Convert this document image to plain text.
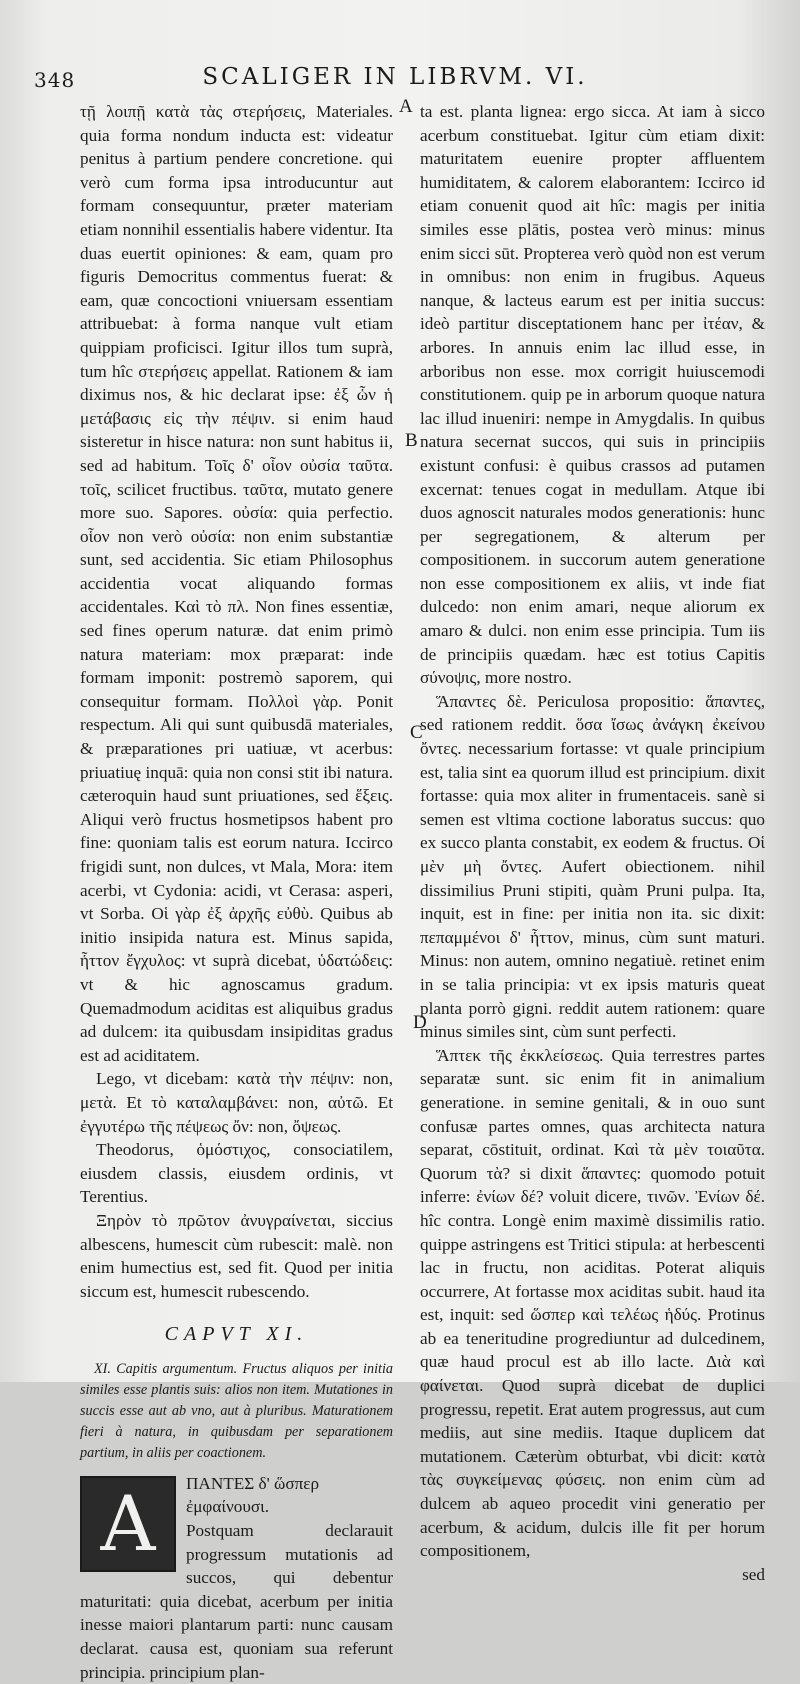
348	SCALIGER IN LIBRVM. VI.
A
B
C
D

τῇ λοιπῇ κατὰ τὰς στερήσεις, Materiales. quia forma nondum inducta est: videatur penitus à partium pendere concretione. qui verò cum forma ipsa introducuntur aut formam consequuntur, præter materiam etiam nonnihil essentialis habere videntur. Ita duas euertit opiniones: & eam, quam pro figuris Democritus commentus fuerat: & eam, quæ concoctioni vniuersam essentiam attribuebat: à forma nanque vult etiam quippiam proficisci. Igitur illos tum suprà, tum hîc στερήσεις appellat. Rationem & iam diximus nos, & hic declarat ipse: ἐξ ὧν ἡ μετάβασις εἰς τὴν πέψιν. si enim haud sisteretur in hisce natura: non sunt habitus ii, sed ad habitum. Τοῖς δ' οἷον οὐσία ταῦτα. τοῖς, scilicet fructibus. ταῦτα, mutato genere more suo. Sapores. οὐσία: quia perfectio. οἷον non verò οὐσία: non enim substantiæ sunt, sed accidentia. Sic etiam Philosophus accidentia vocat aliquando formas accidentales. Καὶ τὸ πλ. Non fines essentiæ, sed fines operum naturæ. dat enim primò natura materiam: mox præparat: inde formam imponit: postremò saporem, qui consequitur formam. Πολλοὶ γὰρ. Ponit respectum. Ali qui sunt quibusdā materiales, & præparationes pri uatiuæ, vt acerbus: priuatiuę inquā: quia non consi stit ibi natura. cæteroquin haud sunt priuationes, sed ἕξεις. Aliqui verò fructus hosmetipsos habent pro fine: quoniam talis est eorum natura. Iccirco frigidi sunt, non dulces, vt Mala, Mora: item acerbi, vt Cydonia: acidi, vt Cerasa: asperi, vt Sorba. Οἱ γὰρ ἐξ ἀρχῆς εὐθὺ. Quibus ab initio insipida natura est. Minus sapida, ἧττον ἔγχυλος: vt suprà dicebat, ὑδατώδεις: vt & hic agnoscamus gradum. Quemadmodum aciditas est aliquibus gradus ad dulcem: ita quibusdam insipiditas gradus est ad aciditatem.

Lego, vt dicebam: κατὰ τὴν πέψιν: non, μετὰ. Et τὸ καταλαμβάνει: non, αὐτῶ. Et ἐγγυτέρω τῆς πέψεως ὄν: non, ὄψεως.

Theodorus, ὁμόστιχος, consociatilem, eiusdem classis, eiusdem ordinis, vt Terentius.

Ξηρὸν τὸ πρῶτον ἀνυγραίνεται, siccius albescens, humescit cùm rubescit: malè. non enim humectius est, sed fit. Quod per initia siccum est, humescit rubescendo.

CAPVT XI.

XI. Capitis argumentum. Fructus aliquos per initia similes esse plantis suis: alios non item. Mutationes in succis esse aut ab vno, aut à pluribus. Maturationem fieri à natura, in quibusdam per separationem partium, in aliis per coactionem.

A	ΠΑΝΤΕΣ δ' ὥσπερ ἐμφαίνουσι.

Postquam declarauit progressum mutationis ad succos, qui debentur maturitati: quia dicebat, acerbum per initia inesse maiori plantarum parti: nunc causam declarat. causa est, quoniam sua referunt principia. principium plan-

ta est. planta lignea: ergo sicca. At iam à sicco acerbum constituebat. Igitur cùm etiam dixit: maturitatem euenire propter affluentem humiditatem, & calorem elaborantem: Iccirco id etiam conuenit quod ait hîc: magis per initia similes esse plātis, postea verò minus: minus enim sicci sūt. Propterea verò quòd non est verum in omnibus: non enim in frugibus. Aqueus nanque, & lacteus earum est per initia succus: ideò partitur disceptationem hanc per ἰτέαν, & arbores. In annuis enim lac illud esse, in arboribus non esse. mox corrigit huiuscemodi constitutionem. quip pe in arborum quoque natura lac illud inueniri: nempe in Amygdalis. In quibus natura secernat succos, qui suis in principiis existunt confusi: è quibus crassos ad putamen excernat: tenues cogat in medullam. Atque ibi duos agnoscit naturales modos generationis: hunc per segregationem, & alterum per compositionem. in succorum autem generatione non esse compositionem ex aliis, vt inde fiat dulcedo: non enim amari, neque aliorum ex amaro & dulci. non enim esse principia. Tum iis de principiis quædam. hæc est totius Capitis σύνοψις, more nostro.

Ἅπαντες δὲ. Periculosa propositio: ἅπαντες, sed rationem reddit. ὅσα ἴσως ἀνάγκη ἐκείνου ὄντες. necessarium fortasse: vt quale principium est, talia sint ea quorum illud est principium. dixit fortasse: quia mox aliter in frumentaceis. sanè si semen est vltima coctione laboratus succus: quo ex succo planta constabit, ex eodem & fructus. Οἱ μὲν μὴ ὄντες. Aufert obiectionem. nihil dissimilius Pruni stipiti, quàm Pruni pulpa. Ita, inquit, est in fine: per initia non ita. sic dixit: πεπαμμένοι δ' ἧττον, minus, cùm sunt maturi. Minus: non autem, omnino negatiuè. retinet enim in se talia principia: vt ex ipsis maturis queat planta porrò gigni. reddit autem rationem: quare minus similes sint, cùm sunt perfecti.

Ἅπτεκ τῆς ἐκκλείσεως. Quia terrestres partes separatæ sunt. sic enim fit in animalium generatione. in semine genitali, & in ouo sunt confusæ partes omnes, quas architecta natura separat, cōstituit, ordinat. Καὶ τὰ μὲν τοιαῦτα. Quorum τὰ? si dixit ἅπαντες: quomodo potuit inferre: ἐνίων δέ? voluit dicere, τινῶν. Ἐνίων δέ. hîc contra. Longè enim maximè dissimilis ratio. quippe astringens est Tritici stipula: at herbescenti lac in fructu, non aciditas. Poterat aliquis occurrere, At fortasse mox aciditas subit. haud ita est, inquit: sed ὥσπερ καὶ τελέως ἡδύς. Protinus ab ea teneritudine progrediuntur ad dulcedinem, quæ haud procul est ab illo lacte. Διὰ καὶ φαίνεται. Quod suprà dicebat de duplici progressu, repetit. Erat autem progressus, aut cum mediis, aut sine mediis. Itaque duplicem dat mutationem. Cæterùm obturbat, vbi dicit: κατὰ τὰς συγκείμενας φύσεις. non enim cùm ad dulcem ab aqueo procedit vini generatio per acerbum, & acidum, dulcis ille fit per horum compositionem,

sed
